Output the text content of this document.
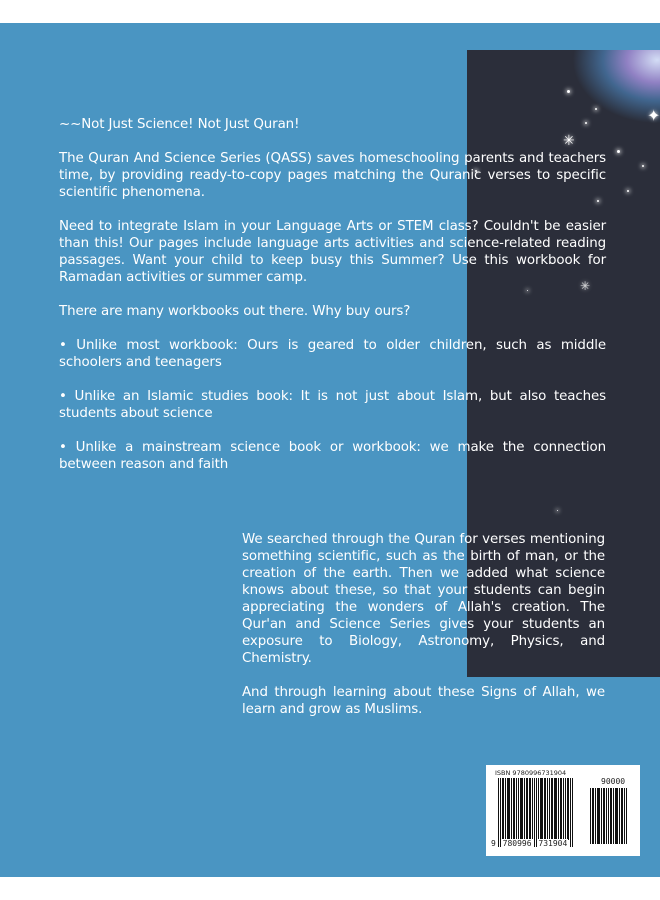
✦
✳
✳

~~Not Just Science! Not Just Quran!

The Quran And Science Series (QASS) saves homeschooling parents and teachers time, by providing ready-to-copy pages matching the Quranic verses to specific scientific phenomena.

Need to integrate Islam in your Language Arts or STEM class? Couldn't be easier than this! Our pages include language arts activities and science-related reading passages. Want your child to keep busy this Summer? Use this workbook for Ramadan activities or summer camp.

There are many workbooks out there. Why buy ours?

• Unlike most workbook: Ours is geared to older children, such as middle schoolers and teenagers

• Unlike an Islamic studies book: It is not just about Islam, but also teaches students about science

• Unlike a mainstream science book or workbook: we make the connection between reason and faith

We searched through the Quran for verses mentioning something scientific, such as the birth of man, or the creation of the earth. Then we added what science knows about these, so that your students can begin appreciating the wonders of Allah's creation. The Qur'an and Science Series gives your students an exposure to Biology, Astronomy, Physics, and Chemistry.

And through learning about these Signs of Allah, we learn and grow as Muslims.

ISBN 9780996731904
90000
9 780996 731904
